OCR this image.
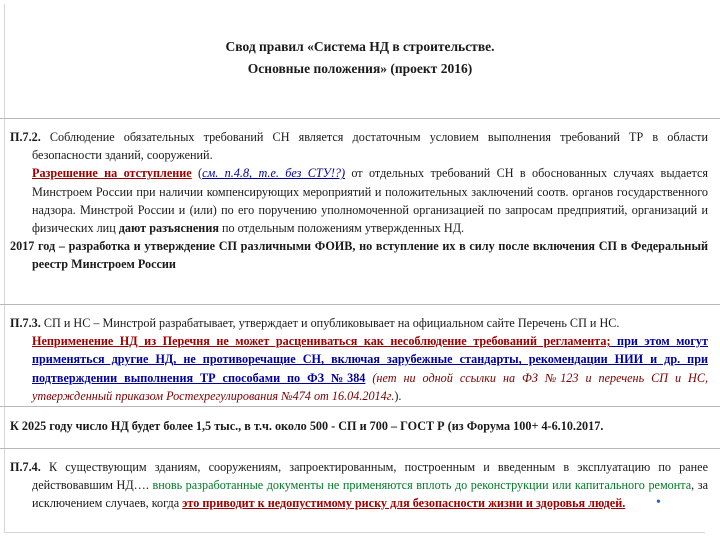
Свод правил «Система НД в строительстве.
Основные положения» (проект 2016)

П.7.2. Соблюдение обязательных требований СН является достаточным условием выполнения требований ТР в области безопасности зданий, сооружений.

Разрешение на отступление (см. п.4.8, т.е. без СТУ!?) от отдельных требований СН в обоснованных случаях выдается Минстроем России при наличии компенсирующих мероприятий и положительных заключений соотв. органов государственного надзора. Минстрой России и (или) по его поручению уполномоченной организацией по запросам предприятий, организаций и физических лиц дают разъяснения по отдельным положениям утвержденных НД.

2017 год – разработка и утверждение СП различными ФОИВ, но вступление их в силу после включения СП в Федеральный реестр Минстроем России

П.7.3. СП и НС – Минстрой разрабатывает, утверждает и опубликовывает на официальном сайте Перечень СП и НС.

Неприменение НД из Перечня не может расцениваться как несоблюдение требований регламента; при этом могут применяться другие НД, не противоречащие СН, включая зарубежные стандарты, рекомендации НИИ и др. при подтверждении выполнения ТР способами по ФЗ №384 (нет ни одной ссылки на ФЗ №123 и перечень СП и НС, утвержденный приказом Ростехрегулирования №474 от 16.04.2014г.).

К 2025 году число НД будет более 1,5 тыс., в т.ч. около 500 - СП и 700 – ГОСТ Р (из Форума 100+ 4-6.10.2017.

П.7.4. К существующим зданиям, сооружениям, запроектированным, построенным и введенным в эксплуатацию по ранее действовавшим НД…. вновь разработанные документы не применяются вплоть до реконструкции или капитального ремонта, за исключением случаев, когда это приводит к недопустимому риску для безопасности жизни и здоровья людей. •
